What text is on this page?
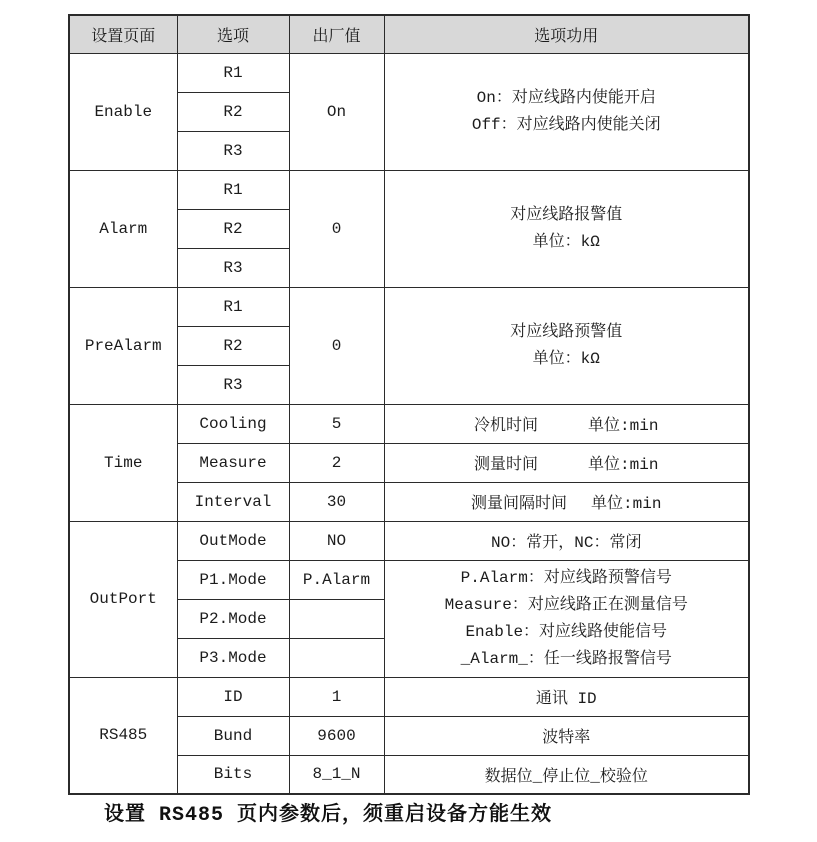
设置页面	选项	出厂值	选项功用
Enable	R1	On	On：对应线路内使能开启
Off：对应线路内使能关闭

	R2		
	R3		
Alarm	R1	0	对应线路报警值
单位：kΩ

	R2		
	R3		
PreAlarm	R1	0	对应线路预警值
单位：kΩ

	R2		
	R3		
Time	Cooling	5	冷机时间 单位:min

	Measure	2	测量时间 单位:min

	Interval	30	测量间隔时间 单位:min

OutPort	OutMode	NO	NO：常开，NC：常闭
	P1.Mode	P.Alarm	P.Alarm：对应线路预警信号
Measure：对应线路正在测量信号
Enable：对应线路使能信号
_Alarm_：任一线路报警信号

	P2.Mode		
	P3.Mode		
RS485	ID	1	通讯 ID
	Bund	9600	波特率
	Bits	8_1_N	数据位_停止位_校验位
设置 RS485 页内参数后，须重启设备方能生效
